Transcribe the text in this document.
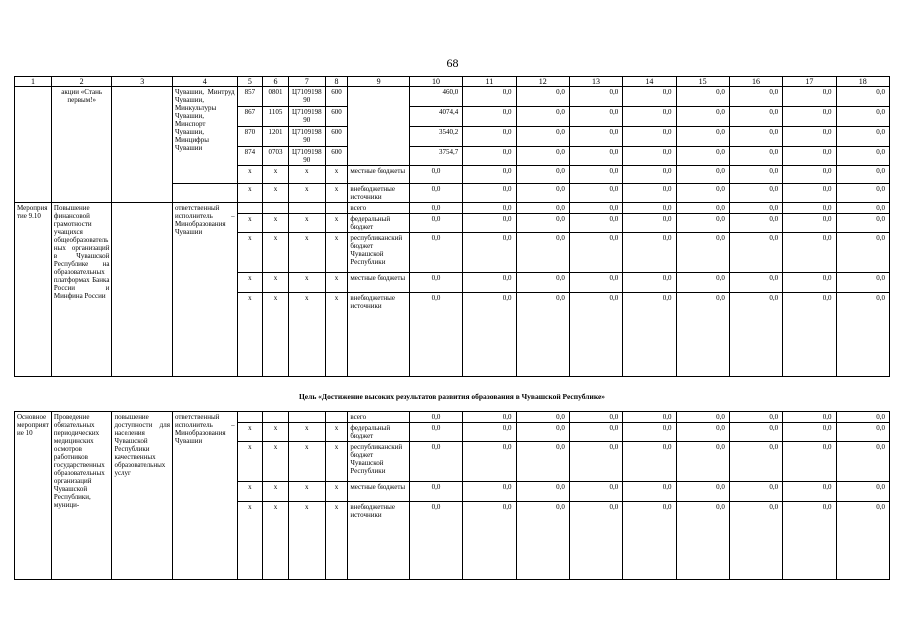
68
1	2	3	4	5	6	7	8	9	10	11	12	13	14	15	16	17	18
	акции «Стань первым!»		Чувашии, Минтруд Чувашии, Минкультуры Чувашии, Минспорт Чувашии, Минцифры Чувашии	857	0801	Ц710919890	600		460,0	0,0	0,0	0,0	0,0	0,0	0,0	0,0	0,0
				867	1105	Ц710919890	600		4074,4	0,0	0,0	0,0	0,0	0,0	0,0	0,0	0,0
				870	1201	Ц710919890	600		3540,2	0,0	0,0	0,0	0,0	0,0	0,0	0,0	0,0
				874	0703	Ц710919890	600		3754,7	0,0	0,0	0,0	0,0	0,0	0,0	0,0	0,0
				x	x	x	x	местные бюджеты	0,0	0,0	0,0	0,0	0,0	0,0	0,0	0,0	0,0
				x	x	x	x	внебюджетные источники	0,0	0,0	0,0	0,0	0,0	0,0	0,0	0,0	0,0
Мероприятие 9.10	Повышение финансовой грамотности учащихся общеобразовательных организаций в Чувашской Республике на образовательных платформах Банка России и Минфина России		ответственный исполнитель – Минобразования Чувашии					всего	0,0	0,0	0,0	0,0	0,0	0,0	0,0	0,0	0,0
				x	x	x	x	федеральный бюджет	0,0	0,0	0,0	0,0	0,0	0,0	0,0	0,0	0,0
				x	x	x	x	республиканский бюджет Чувашской Республики	0,0	0,0	0,0	0,0	0,0	0,0	0,0	0,0	0,0
				x	x	x	x	местные бюджеты	0,0	0,0	0,0	0,0	0,0	0,0	0,0	0,0	0,0
				x	x	x	x	внебюджетные источники	0,0	0,0	0,0	0,0	0,0	0,0	0,0	0,0	0,0
Цель «Достижение высоких результатов развития образования в Чувашской Республике»
Основное мероприятие 10	Проведение обязательных периодических медицинских осмотров работников государственных образовательных организаций Чувашской Республики, муници-	повышение доступности для населения Чувашской Республики качественных образовательных услуг	ответственный исполнитель – Минобразования Чувашии					всего	0,0	0,0	0,0	0,0	0,0	0,0	0,0	0,0	0,0
				x	x	x	x	федеральный бюджет	0,0	0,0	0,0	0,0	0,0	0,0	0,0	0,0	0,0
				x	x	x	x	республиканский бюджет Чувашской Республики	0,0	0,0	0,0	0,0	0,0	0,0	0,0	0,0	0,0
				x	x	x	x	местные бюджеты	0,0	0,0	0,0	0,0	0,0	0,0	0,0	0,0	0,0
				x	x	x	x	внебюджетные источники	0,0	0,0	0,0	0,0	0,0	0,0	0,0	0,0	0,0
